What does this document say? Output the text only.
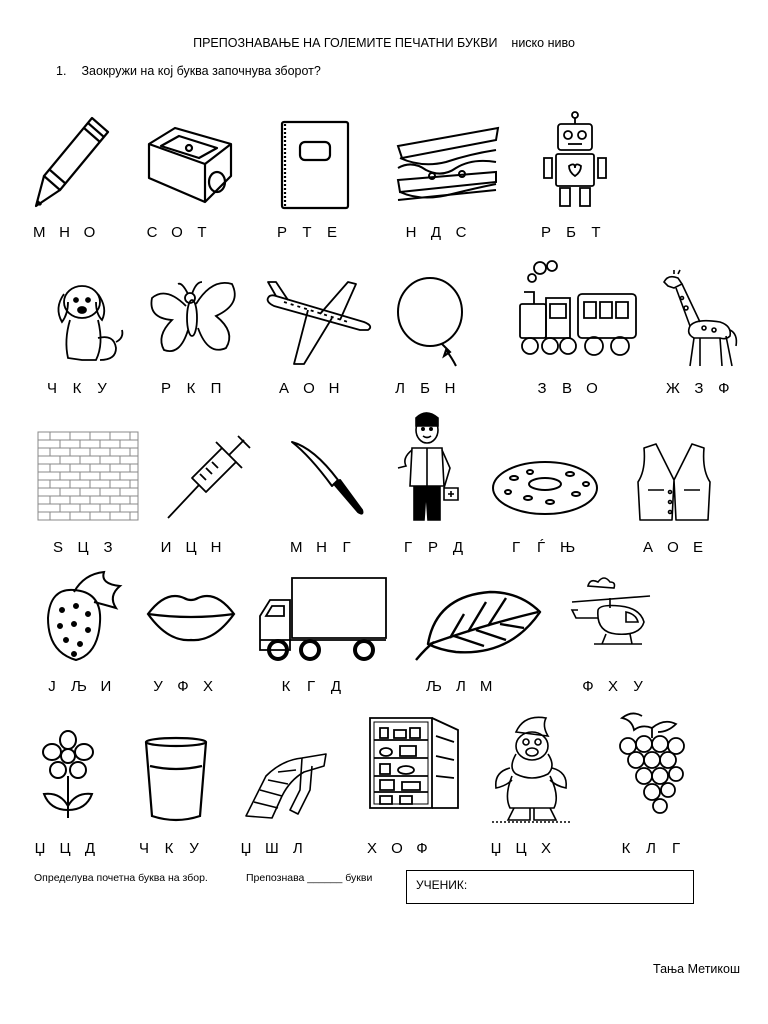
ПРЕПОЗНАВАЊЕ НА ГОЛЕМИТЕ ПЕЧАТНИ БУКВИ    ниско ниво
1. Заокружи на кој буква започнува зборот?
М Н О	С О Т	Р Т Е	Н Д С	Р Б Т
Ч К У	Р К П	А О Н	Л Б Н	З В О	Ж З Ф
Ѕ Ц З	И Ц Н	М Н Г	Г Р Д	Г Ѓ Њ	А О Е
Ј Љ И	У Ф Х	К Г Д	Љ Л М	Ф Х У
Џ Ц Д	Ч К У	Џ Ш Л	Х О Ф	Џ Ц Х	К Л Г
Определува почетна буква на збор.	Препознава ______ букви	УЧЕНИК:
Тања Метикош
